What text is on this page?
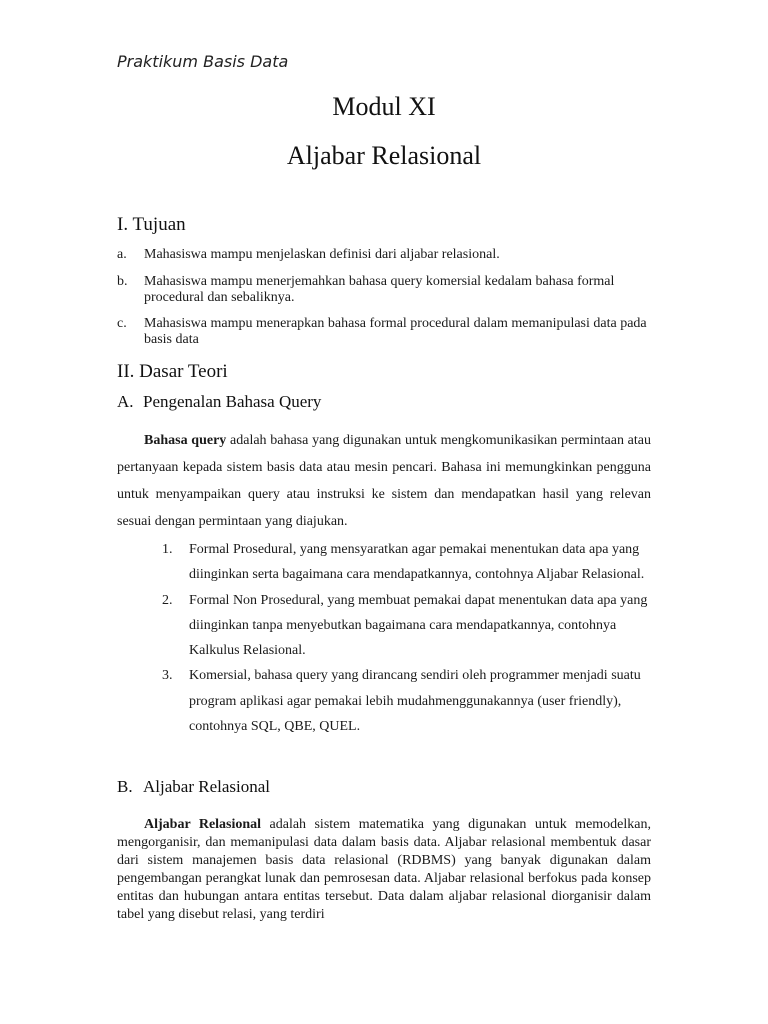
Praktikum Basis Data
Modul XI
Aljabar Relasional
I. Tujuan
a. Mahasiswa mampu menjelaskan definisi dari aljabar relasional.
b. Mahasiswa mampu menerjemahkan bahasa query komersial kedalam bahasa formal procedural dan sebaliknya.
c. Mahasiswa mampu menerapkan bahasa formal procedural dalam memanipulasi data pada basis data
II. Dasar Teori
A. Pengenalan Bahasa Query

Bahasa query adalah bahasa yang digunakan untuk mengkomunikasikan permintaan atau pertanyaan kepada sistem basis data atau mesin pencari. Bahasa ini memungkinkan pengguna untuk menyampaikan query atau instruksi ke sistem dan mendapatkan hasil yang relevan sesuai dengan permintaan yang diajukan.

1. Formal Prosedural, yang mensyaratkan agar pemakai menentukan data apa yang diinginkan serta bagaimana cara mendapatkannya, contohnya Aljabar Relasional.
2. Formal Non Prosedural, yang membuat pemakai dapat menentukan data apa yang diinginkan tanpa menyebutkan bagaimana cara mendapatkannya, contohnya Kalkulus Relasional.
3. Komersial, bahasa query yang dirancang sendiri oleh programmer menjadi suatu program aplikasi agar pemakai lebih mudahmenggunakannya (user friendly), contohnya SQL, QBE, QUEL.
B. Aljabar Relasional

Aljabar Relasional adalah sistem matematika yang digunakan untuk memodelkan, mengorganisir, dan memanipulasi data dalam basis data. Aljabar relasional membentuk dasar dari sistem manajemen basis data relasional (RDBMS) yang banyak digunakan dalam pengembangan perangkat lunak dan pemrosesan data. Aljabar relasional berfokus pada konsep entitas dan hubungan antara entitas tersebut. Data dalam aljabar relasional diorganisir dalam tabel yang disebut relasi, yang terdiri
